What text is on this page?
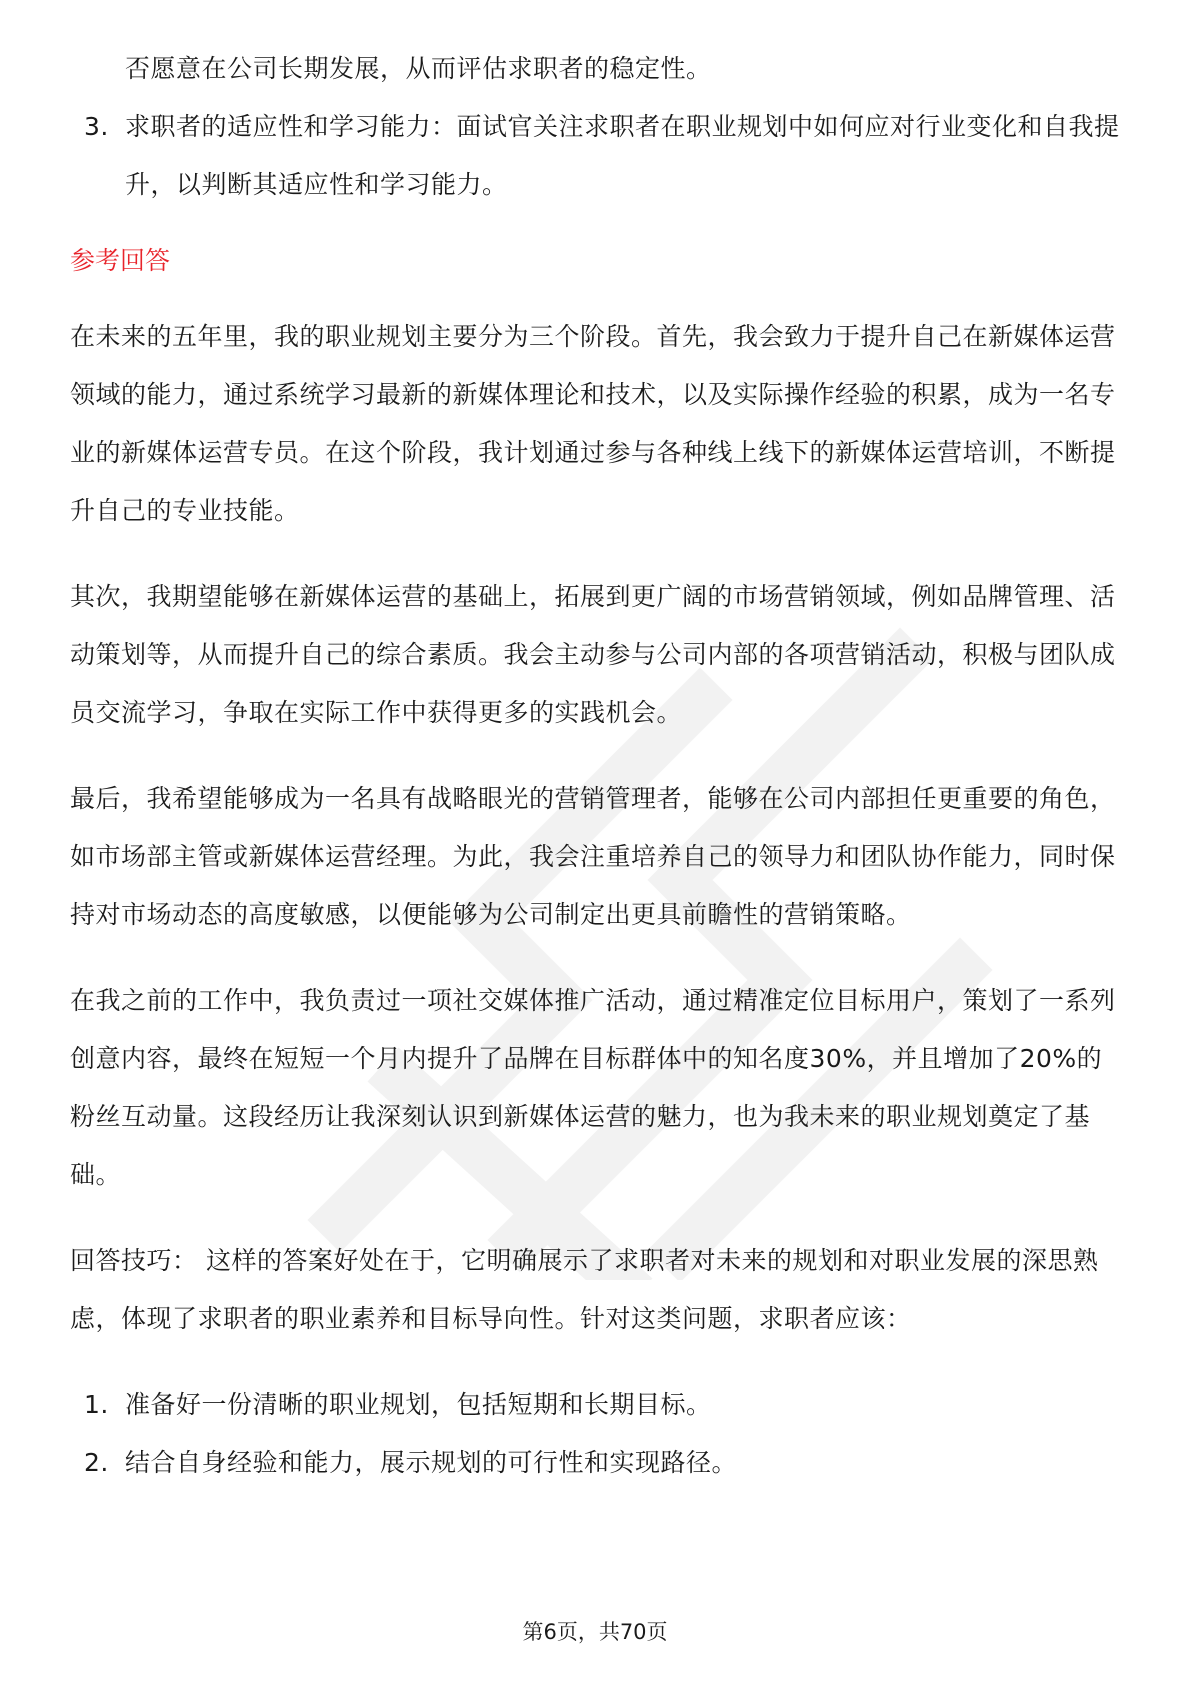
否愿意在公司长期发展，从而评估求职者的稳定性。

3. 求职者的适应性和学习能力：面试官关注求职者在职业规划中如何应对行业变化和自我提升，以判断其适应性和学习能力。
参考回答

在未来的五年里，我的职业规划主要分为三个阶段。首先，我会致力于提升自己在新媒体运营领域的能力，通过系统学习最新的新媒体理论和技术，以及实际操作经验的积累，成为一名专业的新媒体运营专员。在这个阶段，我计划通过参与各种线上线下的新媒体运营培训，不断提升自己的专业技能。

其次，我期望能够在新媒体运营的基础上，拓展到更广阔的市场营销领域，例如品牌管理、活动策划等，从而提升自己的综合素质。我会主动参与公司内部的各项营销活动，积极与团队成员交流学习，争取在实际工作中获得更多的实践机会。

最后，我希望能够成为一名具有战略眼光的营销管理者，能够在公司内部担任更重要的角色，如市场部主管或新媒体运营经理。为此，我会注重培养自己的领导力和团队协作能力，同时保持对市场动态的高度敏感，以便能够为公司制定出更具前瞻性的营销策略。

在我之前的工作中，我负责过一项社交媒体推广活动，通过精准定位目标用户，策划了一系列创意内容，最终在短短一个月内提升了品牌在目标群体中的知名度30%，并且增加了20%的粉丝互动量。这段经历让我深刻认识到新媒体运营的魅力，也为我未来的职业规划奠定了基础。

回答技巧： 这样的答案好处在于，它明确展示了求职者对未来的规划和对职业发展的深思熟虑，体现了求职者的职业素养和目标导向性。针对这类问题，求职者应该：

1. 准备好一份清晰的职业规划，包括短期和长期目标。
2. 结合自身经验和能力，展示规划的可行性和实现路径。
第6页，共70页
